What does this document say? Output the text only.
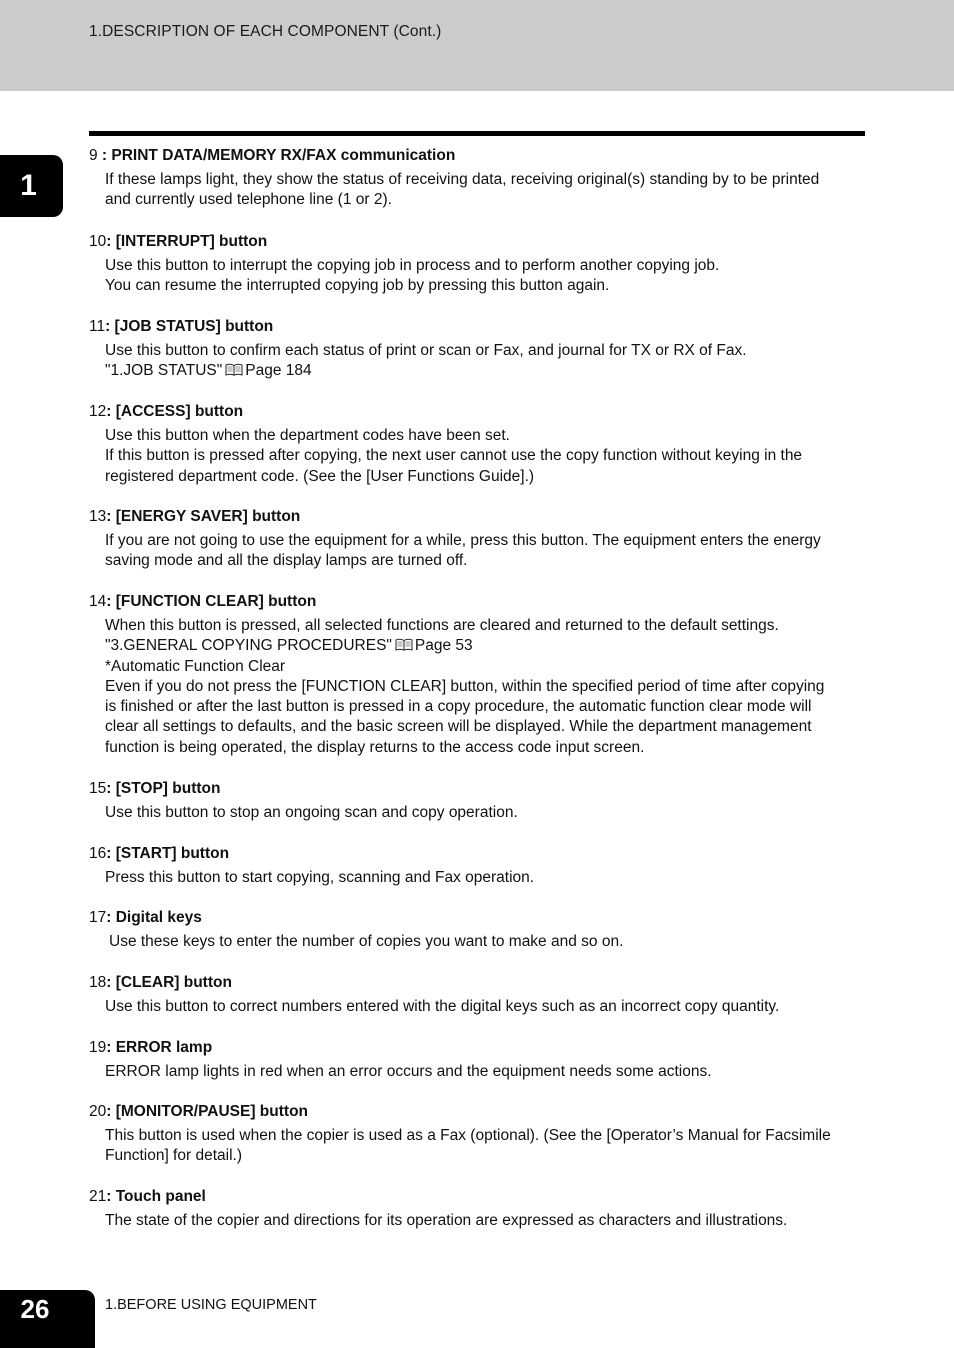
1.DESCRIPTION OF EACH COMPONENT (Cont.)
1
9 : PRINT DATA/MEMORY RX/FAX communication
If these lamps light, they show the status of receiving data, receiving original(s) standing by to be printed
and currently used telephone line (1 or 2).
10: [INTERRUPT] button
Use this button to interrupt the copying job in process and to perform another copying job.
You can resume the interrupted copying job by pressing this button again.
11: [JOB STATUS] button
Use this button to confirm each status of print or scan or Fax, and journal for TX or RX of Fax.
"1.JOB STATUS" Page 184
12: [ACCESS] button
Use this button when the department codes have been set.
If this button is pressed after copying, the next user cannot use the copy function without keying in the
registered department code. (See the [User Functions Guide].)
13: [ENERGY SAVER] button
If you are not going to use the equipment for a while, press this button. The equipment enters the energy
saving mode and all the display lamps are turned off.
14: [FUNCTION CLEAR] button
When this button is pressed, all selected functions are cleared and returned to the default settings.
"3.GENERAL COPYING PROCEDURES" Page 53
*Automatic Function Clear
Even if you do not press the [FUNCTION CLEAR] button, within the specified period of time after copying
is finished or after the last button is pressed in a copy procedure, the automatic function clear mode will
clear all settings to defaults, and the basic screen will be displayed. While the department management
function is being operated, the display returns to the access code input screen.
15: [STOP] button
Use this button to stop an ongoing scan and copy operation.
16: [START] button
Press this button to start copying, scanning and Fax operation.
17: Digital keys
Use these keys to enter the number of copies you want to make and so on.
18: [CLEAR] button
Use this button to correct numbers entered with the digital keys such as an incorrect copy quantity.
19: ERROR lamp
ERROR lamp lights in red when an error occurs and the equipment needs some actions.
20: [MONITOR/PAUSE] button
This button is used when the copier is used as a Fax (optional). (See the [Operator’s Manual for Facsimile
Function] for detail.)
21: Touch panel
The state of the copier and directions for its operation are expressed as characters and illustrations.
26	1.BEFORE USING EQUIPMENT
